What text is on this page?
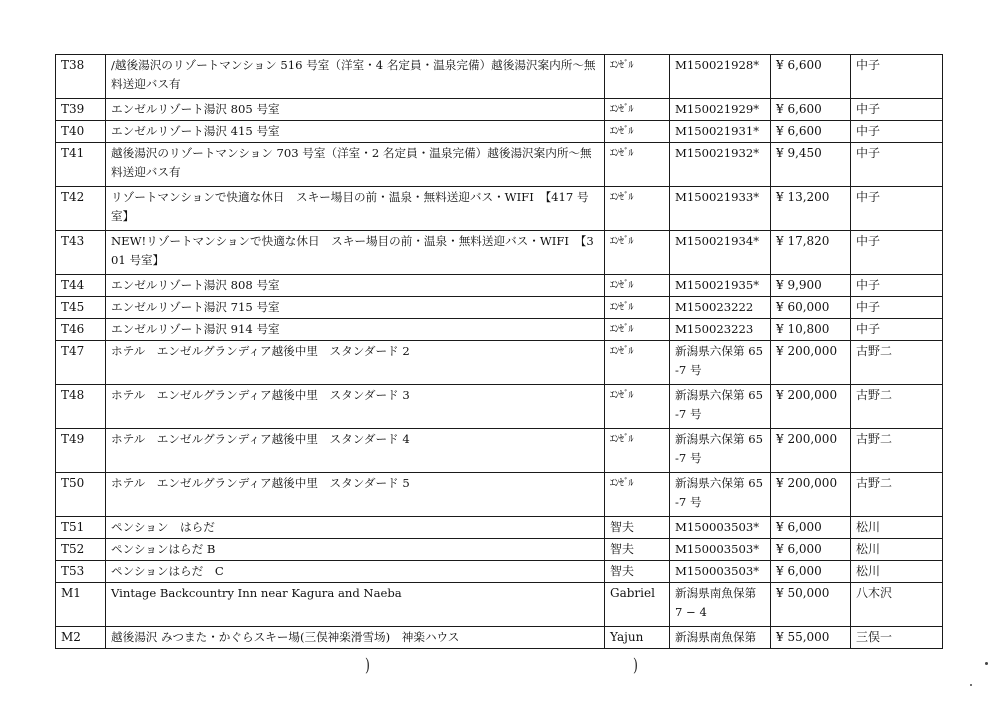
T38	/越後湯沢のリゾートマンション 516 号室（洋室・4 名定員・温泉完備）越後湯沢案内所〜無料送迎バス有	ｴﾝｾﾞﾙ	M150021928*	¥ 6,600	中子
T39	エンゼルリゾート湯沢 805 号室	ｴﾝｾﾞﾙ	M150021929*	¥ 6,600	中子
T40	エンゼルリゾート湯沢 415 号室	ｴﾝｾﾞﾙ	M150021931*	¥ 6,600	中子
T41	越後湯沢のリゾートマンション 703 号室（洋室・2 名定員・温泉完備）越後湯沢案内所〜無料送迎バス有	ｴﾝｾﾞﾙ	M150021932*	¥ 9,450	中子
T42	リゾートマンションで快適な休日　スキー場目の前・温泉・無料送迎バス・WIFI　【417 号室】	ｴﾝｾﾞﾙ	M150021933*	¥ 13,200	中子
T43	NEW!リゾートマンションで快適な休日　スキー場目の前・温泉・無料送迎バス・WIFI　【301 号室】	ｴﾝｾﾞﾙ	M150021934*	¥ 17,820	中子
T44	エンゼルリゾート湯沢 808 号室	ｴﾝｾﾞﾙ	M150021935*	¥ 9,900	中子
T45	エンゼルリゾート湯沢 715 号室	ｴﾝｾﾞﾙ	M150023222	¥ 60,000	中子
T46	エンゼルリゾート湯沢 914 号室	ｴﾝｾﾞﾙ	M150023223	¥ 10,800	中子
T47	ホテル　エンゼルグランディア越後中里　スタンダード 2	ｴﾝｾﾞﾙ	新潟県六保第 65-7 号	¥ 200,000	古野二
T48	ホテル　エンゼルグランディア越後中里　スタンダード 3	ｴﾝｾﾞﾙ	新潟県六保第 65-7 号	¥ 200,000	古野二
T49	ホテル　エンゼルグランディア越後中里　スタンダード 4	ｴﾝｾﾞﾙ	新潟県六保第 65-7 号	¥ 200,000	古野二
T50	ホテル　エンゼルグランディア越後中里　スタンダード 5	ｴﾝｾﾞﾙ	新潟県六保第 65-7 号	¥ 200,000	古野二
T51	ペンション　はらだ	智夫	M150003503*	¥ 6,000	松川
T52	ペンションはらだ B	智夫	M150003503*	¥ 6,000	松川
T53	ペンションはらだ　C	智夫	M150003503*	¥ 6,000	松川
M1	Vintage Backcountry Inn near Kagura and Naeba	Gabriel	新潟県南魚保第 7 − 4	¥ 50,000	八木沢
M2	越後湯沢 みつまた・かぐらスキー場(三俣神楽滑雪场)　神楽ハウス	Yajun	新潟県南魚保第	¥ 55,000	三俣一
)	)
